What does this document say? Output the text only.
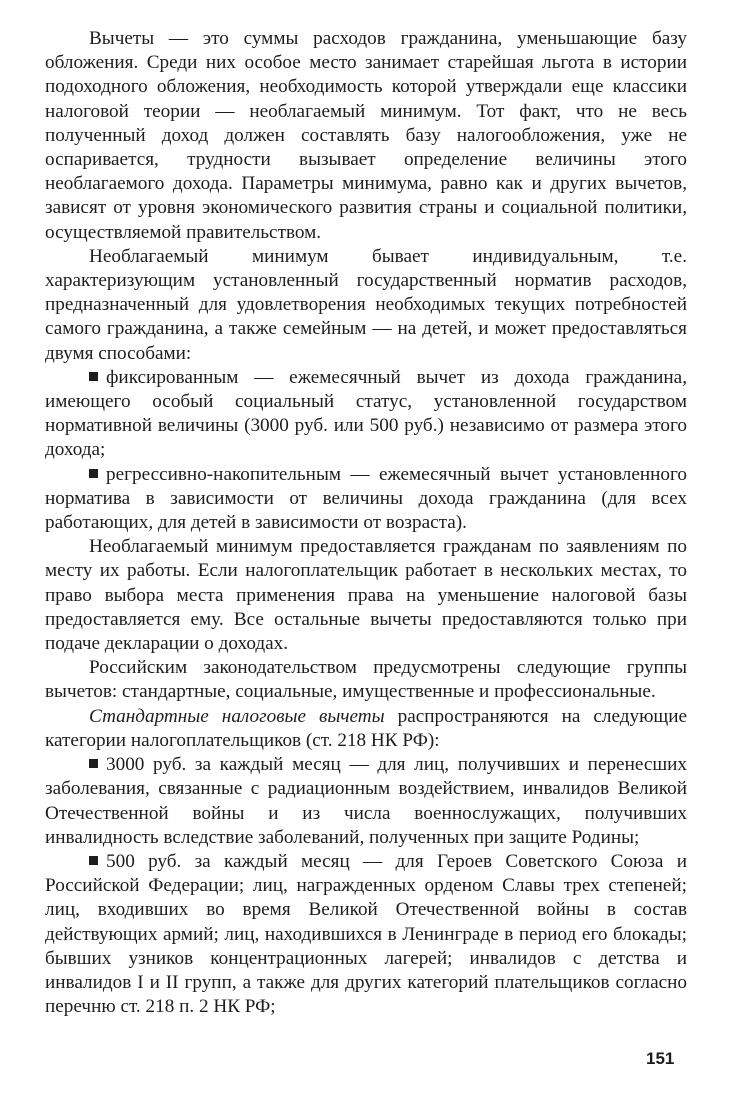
Вычеты — это суммы расходов гражданина, уменьшающие базу обложения. Среди них особое место занимает старейшая льгота в истории подоходного обложения, необходимость которой утверждали еще классики налоговой теории — необлагаемый минимум. Тот факт, что не весь полученный доход должен составлять базу налогообложения, уже не оспаривается, трудности вызывает определение величины этого необлагаемого дохода. Параметры минимума, равно как и других вычетов, зависят от уровня экономического развития страны и социальной политики, осуществляемой правительством.

Необлагаемый минимум бывает индивидуальным, т.е. характеризующим установленный государственный норматив расходов, предназначенный для удовлетворения необходимых текущих потребностей самого гражданина, а также семейным — на детей, и может предоставляться двумя способами:

фиксированным — ежемесячный вычет из дохода гражданина, имеющего особый социальный статус, установленной государством нормативной величины (3000 руб. или 500 руб.) независимо от размера этого дохода;

регрессивно-накопительным — ежемесячный вычет установленного норматива в зависимости от величины дохода гражданина (для всех работающих, для детей в зависимости от возраста).

Необлагаемый минимум предоставляется гражданам по заявлениям по месту их работы. Если налогоплательщик работает в нескольких местах, то право выбора места применения права на уменьшение налоговой базы предоставляется ему. Все остальные вычеты предоставляются только при подаче декларации о доходах.

Российским законодательством предусмотрены следующие группы вычетов: стандартные, социальные, имущественные и профессиональные.

Стандартные налоговые вычеты распространяются на следующие категории налогоплательщиков (ст. 218 НК РФ):

3000 руб. за каждый месяц — для лиц, получивших и перенесших заболевания, связанные с радиационным воздействием, инвалидов Великой Отечественной войны и из числа военнослужащих, получивших инвалидность вследствие заболеваний, полученных при защите Родины;

500 руб. за каждый месяц — для Героев Советского Союза и Российской Федерации; лиц, награжденных орденом Славы трех степеней; лиц, входивших во время Великой Отечественной войны в состав действующих армий; лиц, находившихся в Ленинграде в период его блокады; бывших узников концентрационных лагерей; инвалидов с детства и инвалидов I и II групп, а также для других категорий плательщиков согласно перечню ст. 218 п. 2 НК РФ;

151
